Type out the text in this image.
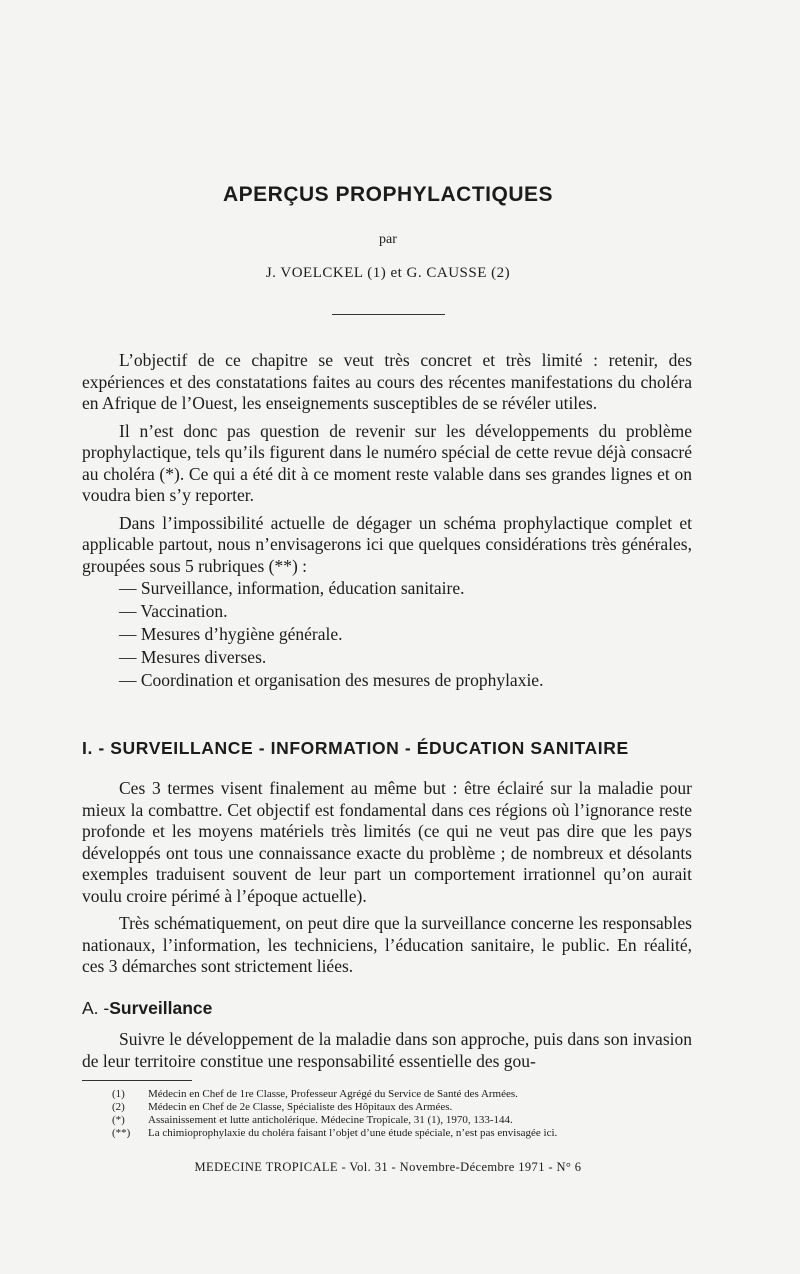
APERÇUS PROPHYLACTIQUES
par
J. VOELCKEL (1) et G. CAUSSE (2)

L’objectif de ce chapitre se veut très concret et très limité : retenir, des expériences et des constatations faites au cours des récentes manifestations du choléra en Afrique de l’Ouest, les enseignements susceptibles de se révéler utiles.

Il n’est donc pas question de revenir sur les développements du problème prophylactique, tels qu’ils figurent dans le numéro spécial de cette revue déjà consacré au choléra (*). Ce qui a été dit à ce moment reste valable dans ses grandes lignes et on voudra bien s’y reporter.

Dans l’impossibilité actuelle de dégager un schéma prophylactique complet et applicable partout, nous n’envisagerons ici que quelques considérations très générales, groupées sous 5 rubriques (**) :

— Surveillance, information, éducation sanitaire.
— Vaccination.
— Mesures d’hygiène générale.
— Mesures diverses.
— Coordination et organisation des mesures de prophylaxie.
I. - SURVEILLANCE - INFORMATION - ÉDUCATION SANITAIRE

Ces 3 termes visent finalement au même but : être éclairé sur la maladie pour mieux la combattre. Cet objectif est fondamental dans ces régions où l’ignorance reste profonde et les moyens matériels très limités (ce qui ne veut pas dire que les pays développés ont tous une connaissance exacte du problème ; de nombreux et désolants exemples traduisent souvent de leur part un comportement irrationnel qu’on aurait voulu croire périmé à l’époque actuelle).

Très schématiquement, on peut dire que la surveillance concerne les responsables nationaux, l’information, les techniciens, l’éducation sanitaire, le public. En réalité, ces 3 démarches sont strictement liées.

A. -Surveillance

Suivre le développement de la maladie dans son approche, puis dans son invasion de leur territoire constitue une responsabilité essentielle des gou-

(1)	Médecin en Chef de 1re Classe, Professeur Agrégé du Service de Santé des Armées.
(2)	Médecin en Chef de 2e Classe, Spécialiste des Hôpitaux des Armées.
(*)	Assainissement et lutte anticholérique. Médecine Tropicale, 31 (1), 1970, 133-144.
(**)	La chimioprophylaxie du choléra faisant l’objet d’une étude spéciale, n’est pas envisagée ici.
MEDECINE TROPICALE - Vol. 31 - Novembre-Décembre 1971 - N° 6
